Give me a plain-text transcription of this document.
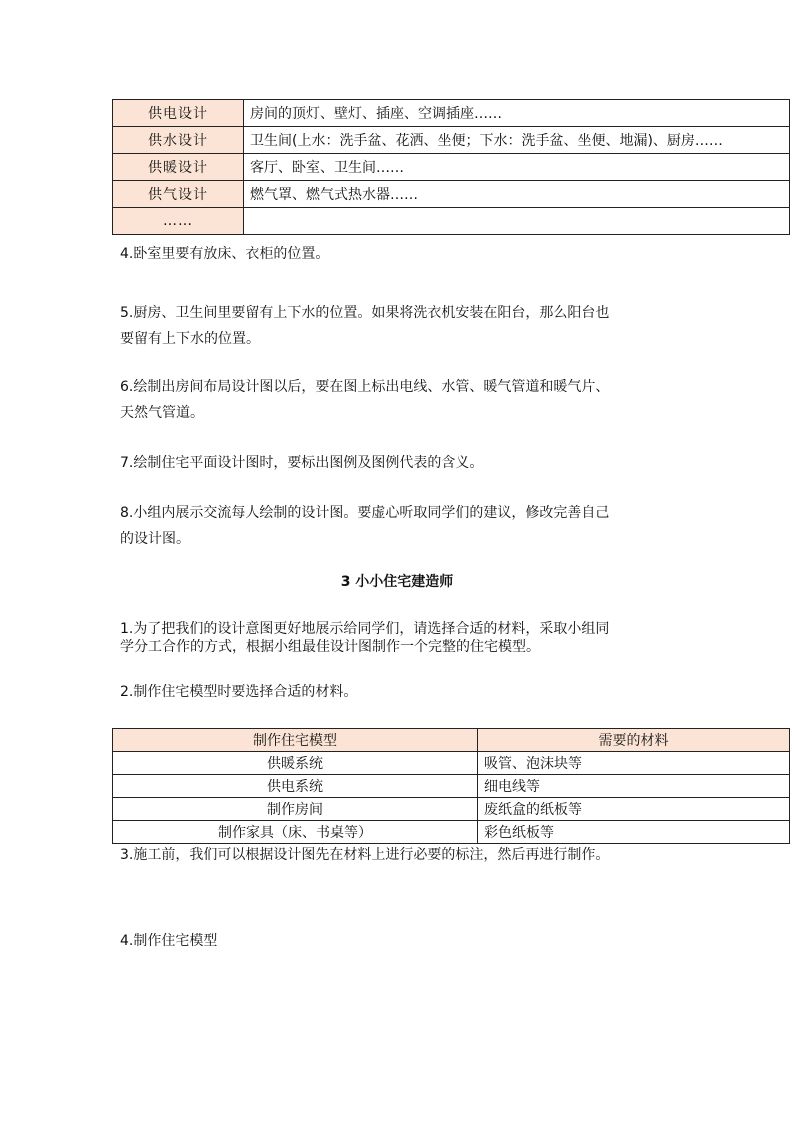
供电设计	房间的顶灯、壁灯、插座、空调插座……
供水设计	卫生间(上水：洗手盆、花洒、坐便；下水：洗手盆、坐便、地漏)、厨房……
供暖设计	客厅、卧室、卫生间……
供气设计	燃气罩、燃气式热水器……
……	
4.卧室里要有放床、衣柜的位置。
5.厨房、卫生间里要留有上下水的位置。如果将洗衣机安装在阳台，那么阳台也
要留有上下水的位置。
6.绘制出房间布局设计图以后，要在图上标出电线、水管、暖气管道和暖气片、
天然气管道。
7.绘制住宅平面设计图时，要标出图例及图例代表的含义。
8.小组内展示交流每人绘制的设计图。要虚心听取同学们的建议，修改完善自己
的设计图。
3 小小住宅建造师
1.为了把我们的设计意图更好地展示给同学们，请选择合适的材料，采取小组同
学分工合作的方式，根据小组最佳设计图制作一个完整的住宅模型。
2.制作住宅模型时要选择合适的材料。
制作住宅模型	需要的材料
供暖系统	吸管、泡沫块等
供电系统	细电线等
制作房间	废纸盒的纸板等
制作家具（床、书桌等）	彩色纸板等
3.施工前，我们可以根据设计图先在材料上进行必要的标注，然后再进行制作。
4.制作住宅模型
